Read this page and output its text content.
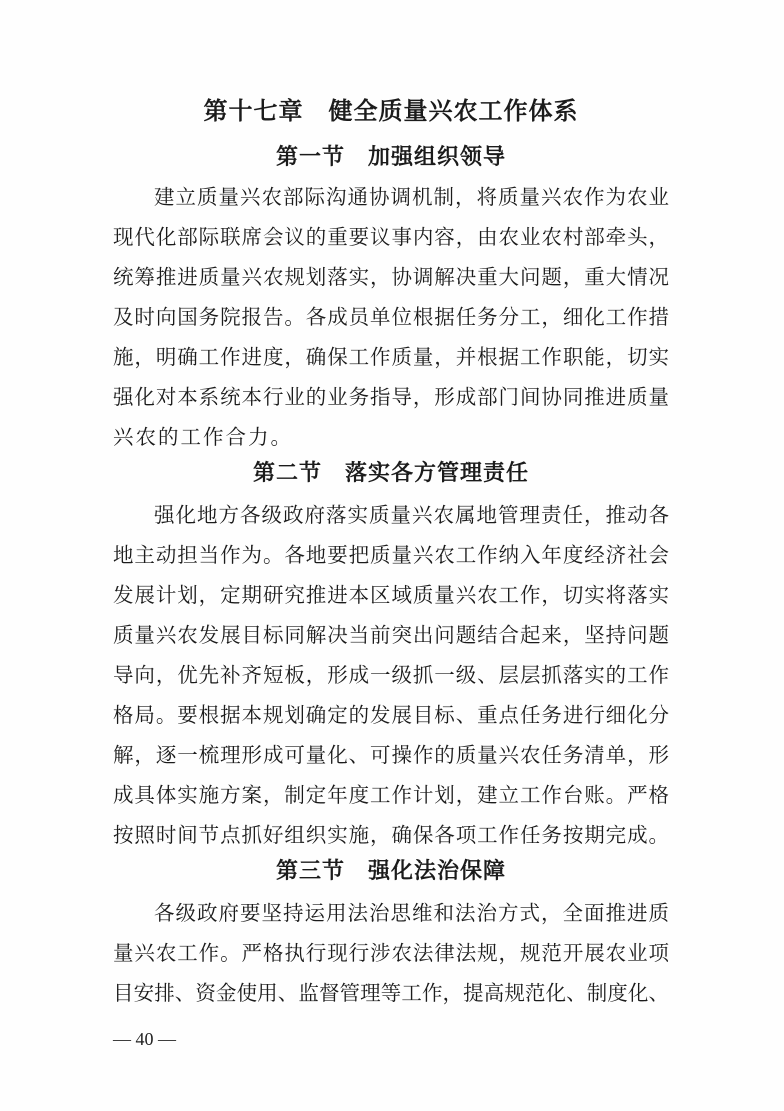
第十七章　健全质量兴农工作体系
第一节　加强组织领导
建立质量兴农部际沟通协调机制，将质量兴农作为农业
现代化部际联席会议的重要议事内容，由农业农村部牵头，
统筹推进质量兴农规划落实，协调解决重大问题，重大情况
及时向国务院报告。各成员单位根据任务分工，细化工作措
施，明确工作进度，确保工作质量，并根据工作职能，切实
强化对本系统本行业的业务指导，形成部门间协同推进质量
兴农的工作合力。
第二节　落实各方管理责任
强化地方各级政府落实质量兴农属地管理责任，推动各
地主动担当作为。各地要把质量兴农工作纳入年度经济社会
发展计划，定期研究推进本区域质量兴农工作，切实将落实
质量兴农发展目标同解决当前突出问题结合起来，坚持问题
导向，优先补齐短板，形成一级抓一级、层层抓落实的工作
格局。要根据本规划确定的发展目标、重点任务进行细化分
解，逐一梳理形成可量化、可操作的质量兴农任务清单，形
成具体实施方案，制定年度工作计划，建立工作台账。严格
按照时间节点抓好组织实施，确保各项工作任务按期完成。
第三节　强化法治保障
各级政府要坚持运用法治思维和法治方式，全面推进质
量兴农工作。严格执行现行涉农法律法规，规范开展农业项
目安排、资金使用、监督管理等工作，提高规范化、制度化、
— 40 —
